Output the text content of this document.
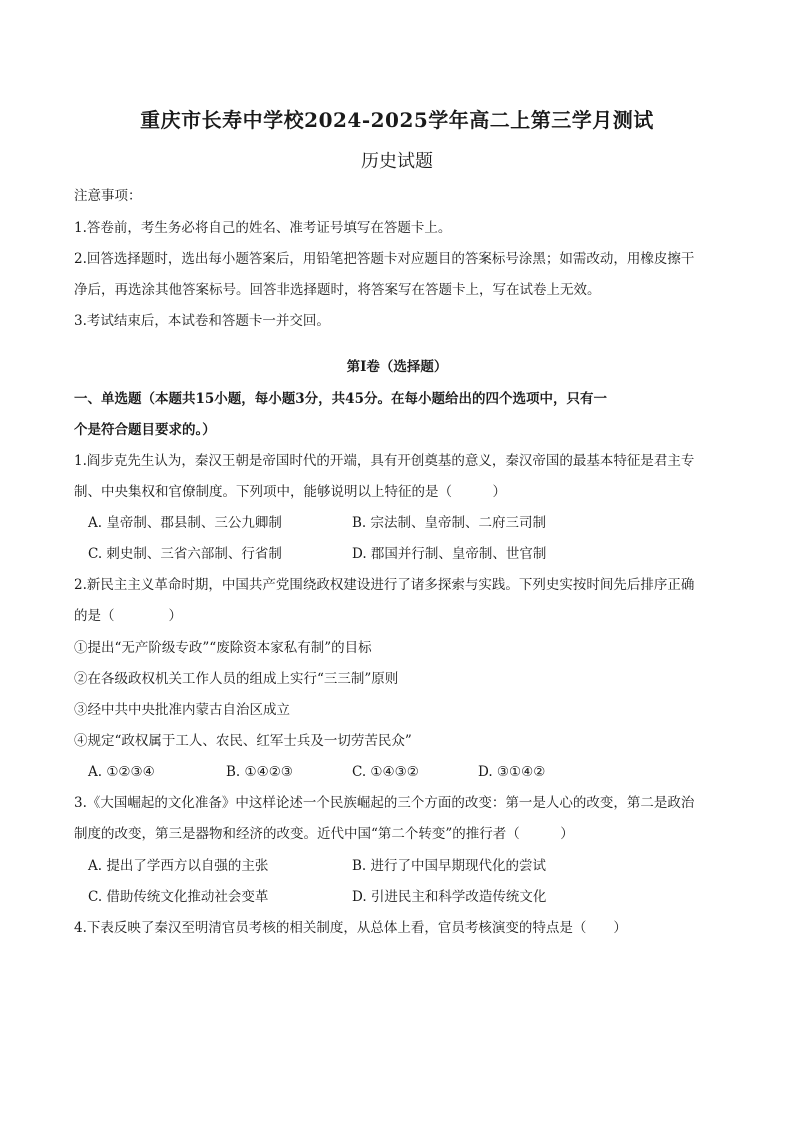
重庆市长寿中学校2024-2025学年高二上第三学月测试
历史试题
注意事项：
1.答卷前，考生务必将自己的姓名、准考证号填写在答题卡上。
2.回答选择题时，选出每小题答案后，用铅笔把答题卡对应题目的答案标号涂黑；如需改动，用橡皮擦干
净后，再选涂其他答案标号。回答非选择题时，将答案写在答题卡上，写在试卷上无效。
3.考试结束后，本试卷和答题卡一并交回。
第I卷（选择题）
一、单选题（本题共15小题，每小题3分，共45分。在每小题给出的四个选项中，只有一
个是符合题目要求的。）
1.阎步克先生认为，秦汉王朝是帝国时代的开端，具有开创奠基的意义，秦汉帝国的最基本特征是君主专
制、中央集权和官僚制度。下列项中，能够说明以上特征的是（　　　）
A. 皇帝制、郡县制、三公九卿制	B. 宗法制、皇帝制、二府三司制
C. 刺史制、三省六部制、行省制	D. 郡国并行制、皇帝制、世官制
2.新民主主义革命时期，中国共产党围绕政权建设进行了诸多探索与实践。下列史实按时间先后排序正确
的是（　　　　）
①提出“无产阶级专政”“废除资本家私有制”的目标
②在各级政权机关工作人员的组成上实行“三三制”原则
③经中共中央批准内蒙古自治区成立
④规定“政权属于工人、农民、红军士兵及一切劳苦民众”
A. ①②③④	B. ①④②③	C. ①④③②	D. ③①④②
3.《大国崛起的文化准备》中这样论述一个民族崛起的三个方面的改变：第一是人心的改变，第二是政治
制度的改变，第三是器物和经济的改变。近代中国“第二个转变”的推行者（　　　）
A. 提出了学西方以自强的主张	B. 进行了中国早期现代化的尝试
C. 借助传统文化推动社会变革	D. 引进民主和科学改造传统文化
4.下表反映了秦汉至明清官员考核的相关制度，从总体上看，官员考核演变的特点是（　　）
